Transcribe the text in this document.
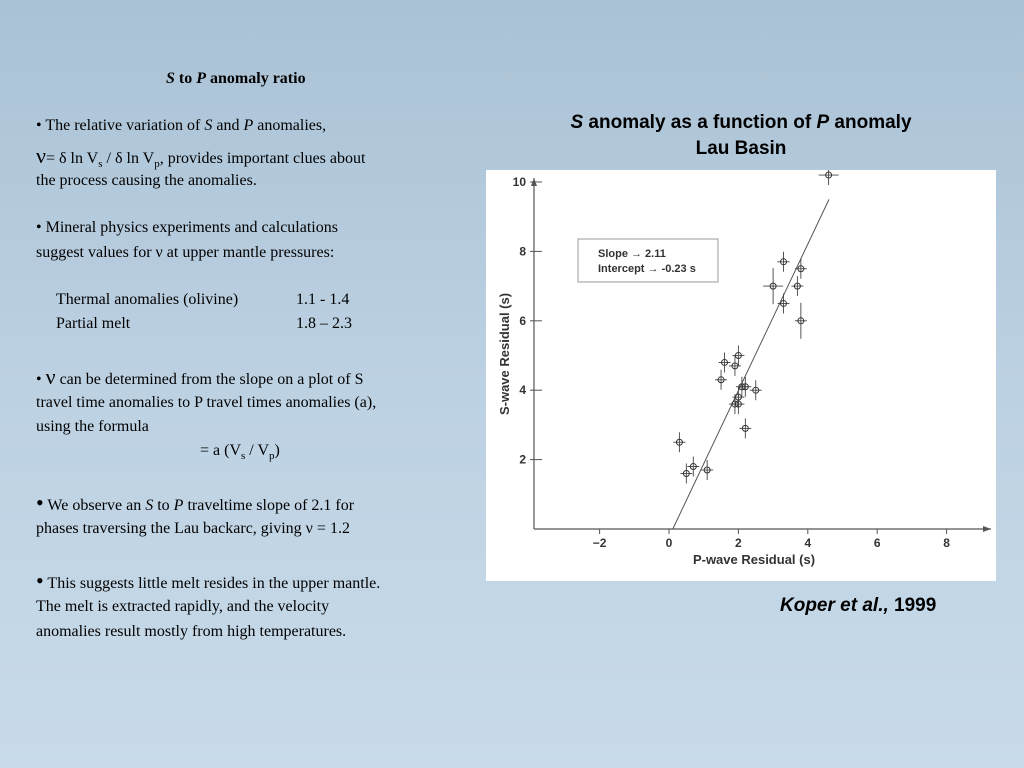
S to P anomaly ratio
• The relative variation of S and P anomalies,
ν= δ $\ln V_s$ / δ $\ln V_p$, provides important clues about
the process causing the anomalies.
• Mineral physics experiments and calculations
suggest values for ν at upper mantle pressures:
Thermal anomalies (olivine)	1.1 - 1.4
Partial melt	1.8 – 2.3
• ν can be determined from the slope on a plot of S
travel time anomalies to P travel times anomalies (a),
using the formula
= a $(V_s / V_p)$
• We observe an S to P traveltime slope of 2.1 for
phases traversing the Lau backarc, giving ν = 1.2
• This suggests little melt resides in the upper mantle.
The melt is extracted rapidly, and the velocity
anomalies result mostly from high temperatures.
S anomaly as a function of P anomaly
Lau Basin
−2	0	2	4	6	8
2
4
6
8
10
Slope → 2.11
Intercept → -0.23 s
P-wave Residual (s)
S-wave Residual (s)
Koper et al., 1999
